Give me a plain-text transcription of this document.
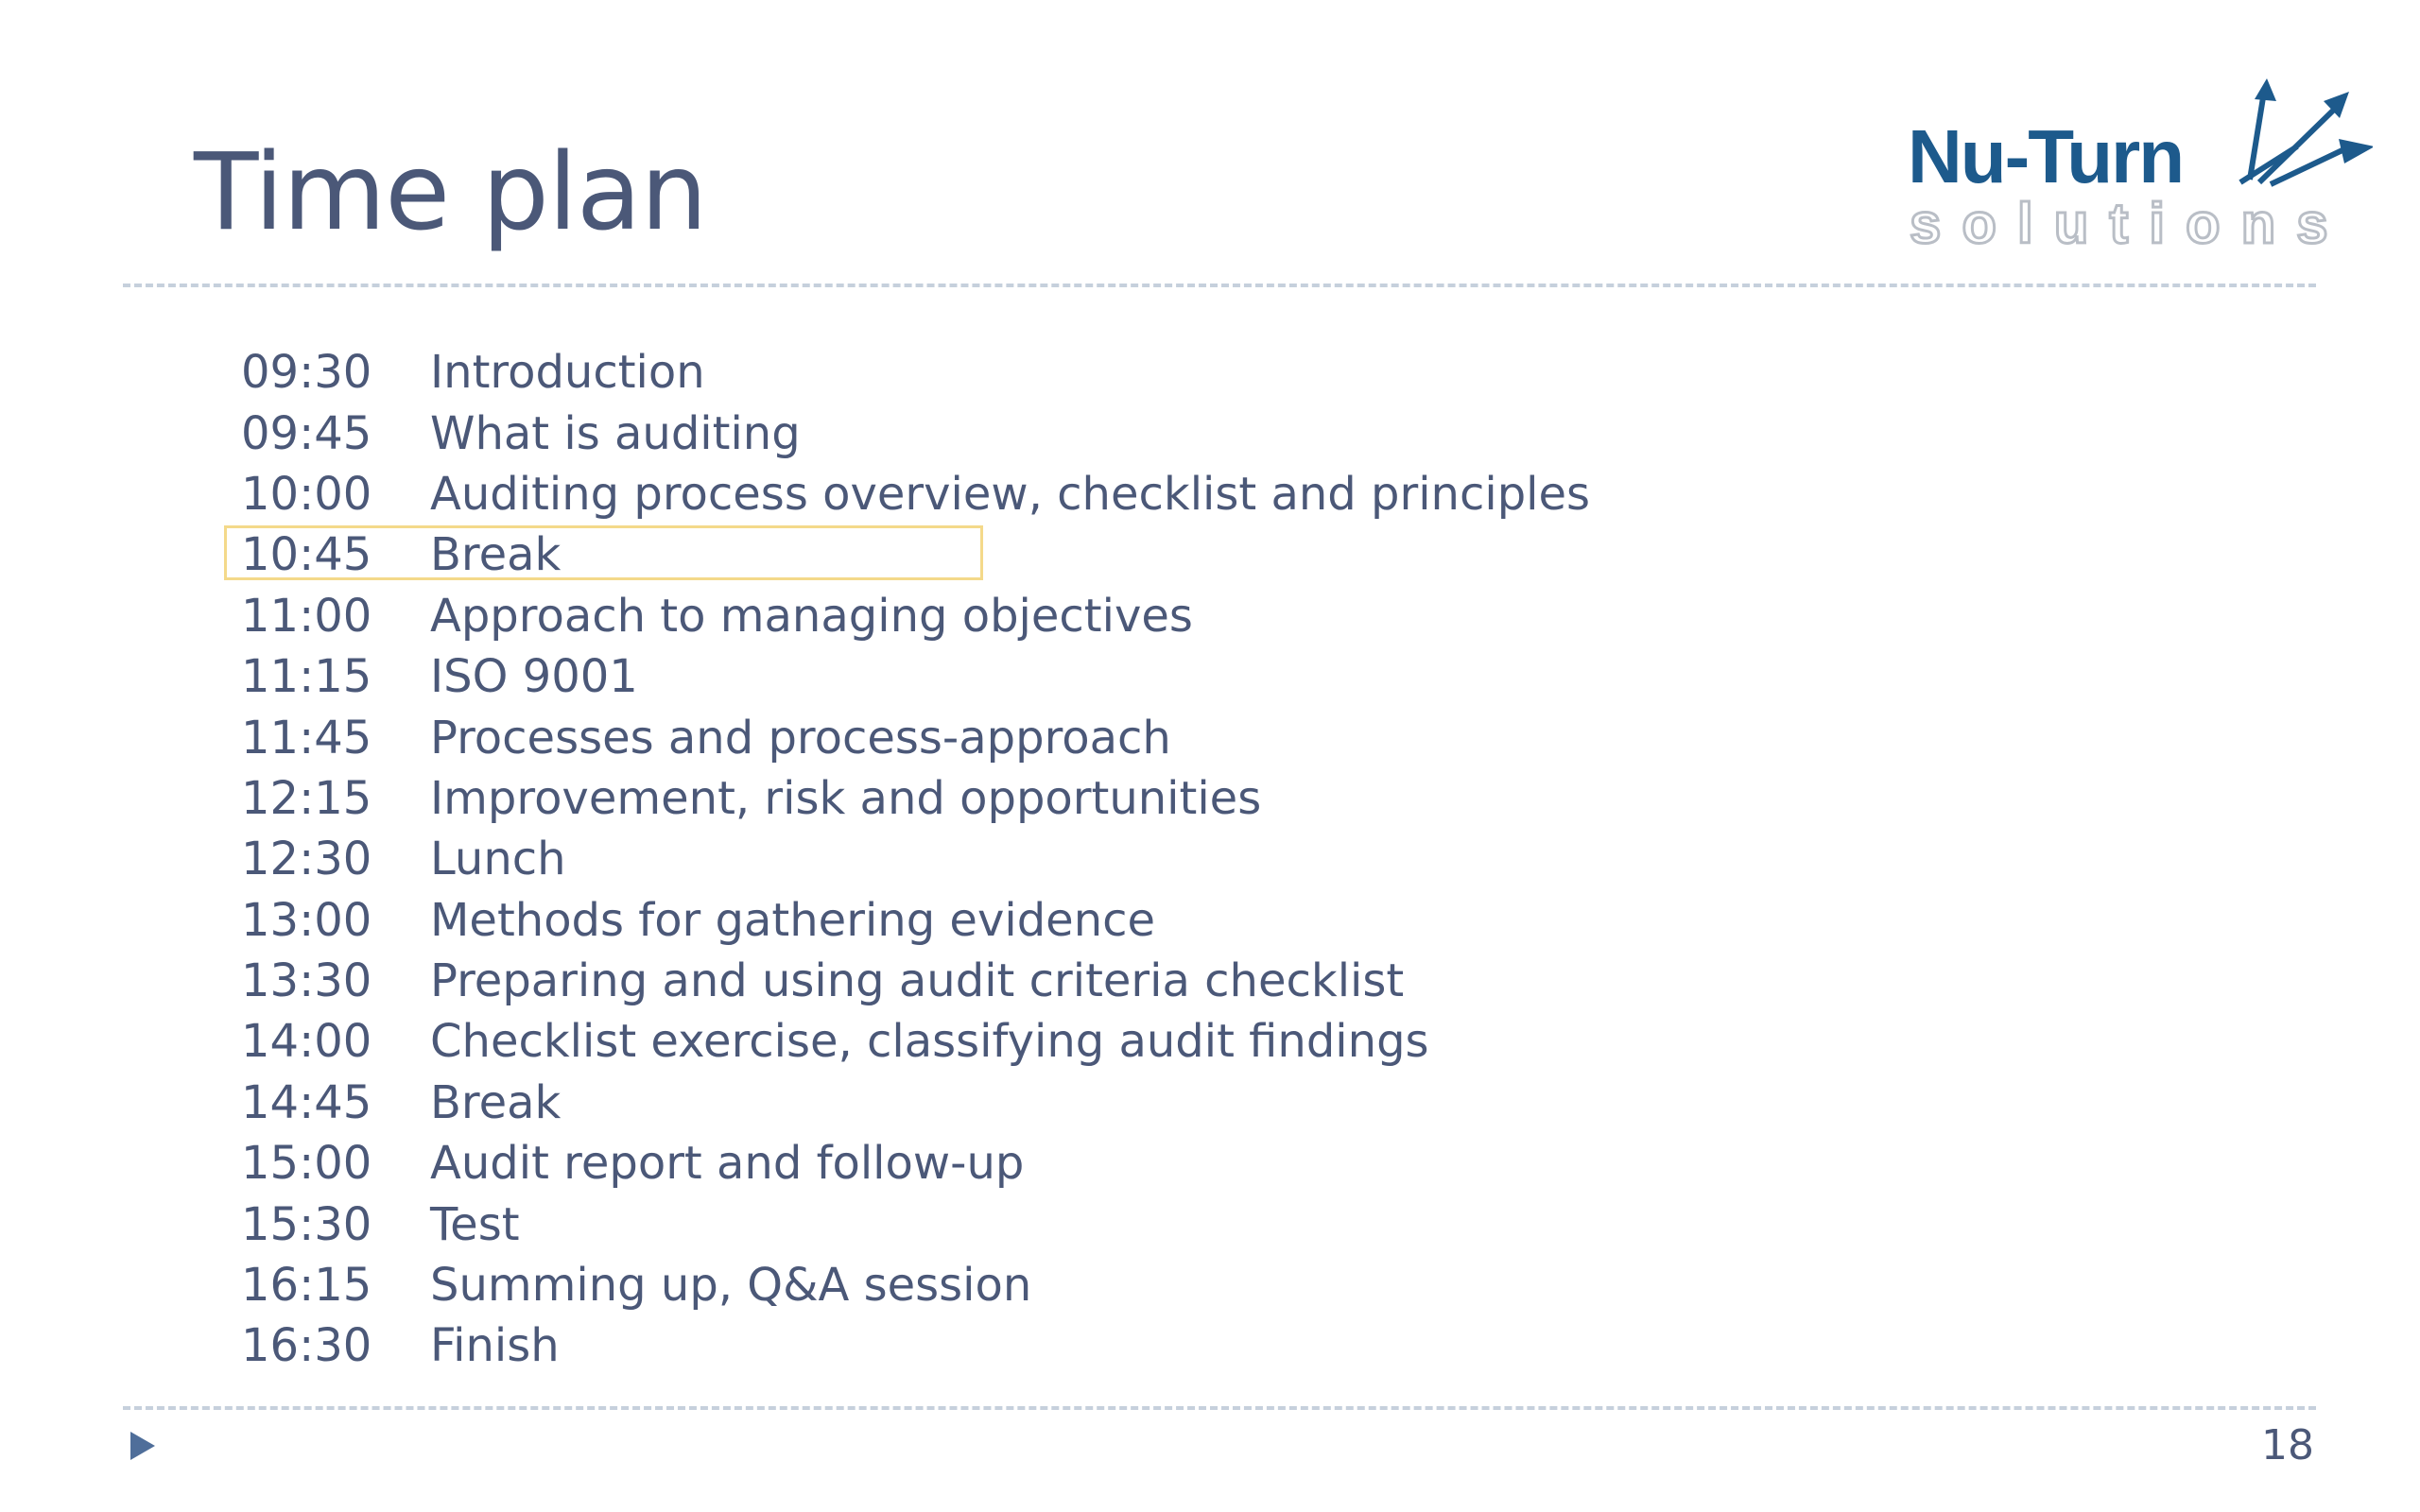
Time plan	Nu-Turn
solutions
09:30	Introduction
09:45	What is auditing
10:00	Auditing process overview, checklist and principles
10:45	Break
11:00	Approach to managing objectives
11:15	ISO 9001
11:45	Processes and process-approach
12:15	Improvement, risk and opportunities
12:30	Lunch
13:00	Methods for gathering evidence
13:30	Preparing and using audit criteria checklist
14:00	Checklist exercise, classifying audit findings
14:45	Break
15:00	Audit report and follow-up
15:30	Test
16:15	Summing up, Q&A session
16:30	Finish
18
